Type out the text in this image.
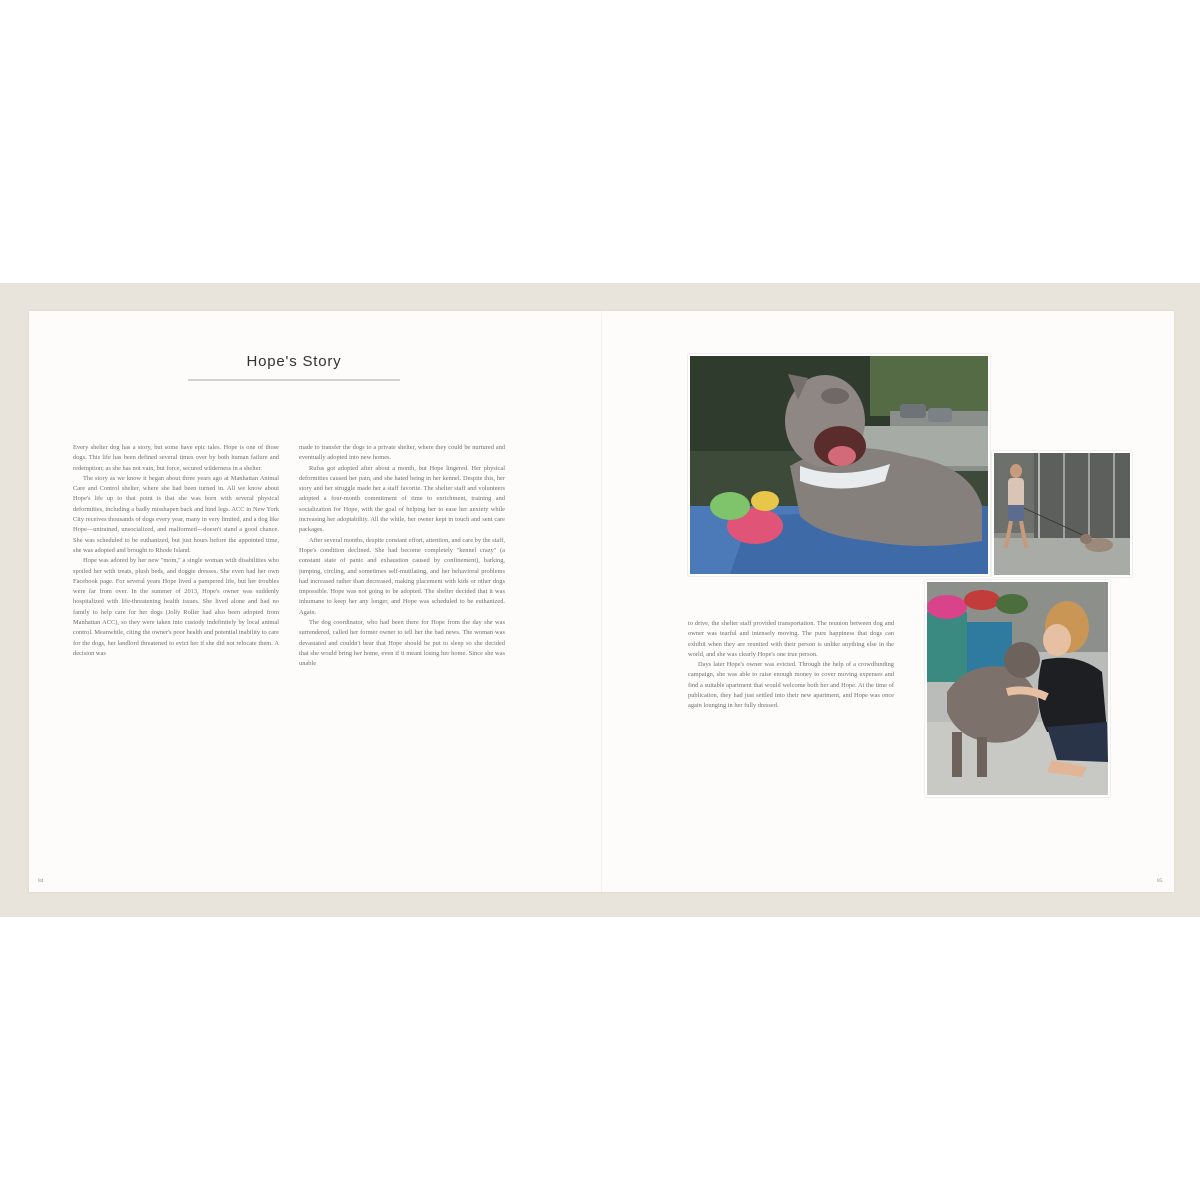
Hope's Story

Every shelter dog has a story, but some have epic tales. Hope is one of those dogs. This life has been defined several times over by both human failure and redemption; as she has not vain, but force, secured wilderness in a shelter.

The story as we know it began about three years ago at Manhattan Animal Care and Control shelter, where she had been turned in. All we know about Hope's life up to that point is that she was born with several physical deformities, including a badly misshapen back and hind legs. ACC in New York City receives thousands of dogs every year, many in very limited, and a dog like Hope—untrained, unsocialized, and malformed—doesn't stand a good chance. She was scheduled to be euthanized, but just hours before the appointed time, she was adopted and brought to Rhode Island.

Hope was adored by her new "mom," a single woman with disabilities who spoiled her with treats, plush beds, and doggie dresses. She even had her own Facebook page. For several years Hope lived a pampered life, but her troubles were far from over. In the summer of 2013, Hope's owner was suddenly hospitalized with life-threatening health issues. She lived alone and had no family to help care for her dogs (Jolly Roller had also been adopted from Manhattan ACC), so they were taken into custody indefinitely by local animal control. Meanwhile, citing the owner's poor health and potential inability to care for the dogs, her landlord threatened to evict her if she did not relocate them. A decision was

made to transfer the dogs to a private shelter, where they could be nurtured and eventually adopted into new homes.

Rufus got adopted after about a month, but Hope lingered. Her physical deformities caused her pain, and she hated being in her kennel. Despite this, her story and her struggle made her a staff favorite. The shelter staff and volunteers adopted a four-month commitment of time to enrichment, training and socialization for Hope, with the goal of helping her to ease her anxiety while increasing her adoptability. All the while, her owner kept in touch and sent care packages.

After several months, despite constant effort, attention, and care by the staff, Hope's condition declined. She had become completely "kennel crazy" (a constant state of panic and exhaustion caused by confinement), barking, jumping, circling, and sometimes self-mutilating, and her behavioral problems had increased rather than decreased, making placement with kids or other dogs impossible. Hope was not going to be adopted. The shelter decided that it was inhumane to keep her any longer, and Hope was scheduled to be euthanized. Again.

The dog coordinator, who had been there for Hope from the day she was surrendered, called her former owner to tell her the bad news. The woman was devastated and couldn't bear that Hope should be put to sleep so she decided that she would bring her home, even if it meant losing her home. Since she was unable

84

to drive, the shelter staff provided transportation. The reunion between dog and owner was tearful and intensely moving. The pure happiness that dogs can exhibit when they are reunited with their person is unlike anything else in the world, and she was clearly Hope's one true person.

Days later Hope's owner was evicted. Through the help of a crowdfunding campaign, she was able to raise enough money to cover moving expenses and find a suitable apartment that would welcome both her and Hope. At the time of publication, they had just settled into their new apartment, and Hope was once again lounging in her fully dressed.

85
